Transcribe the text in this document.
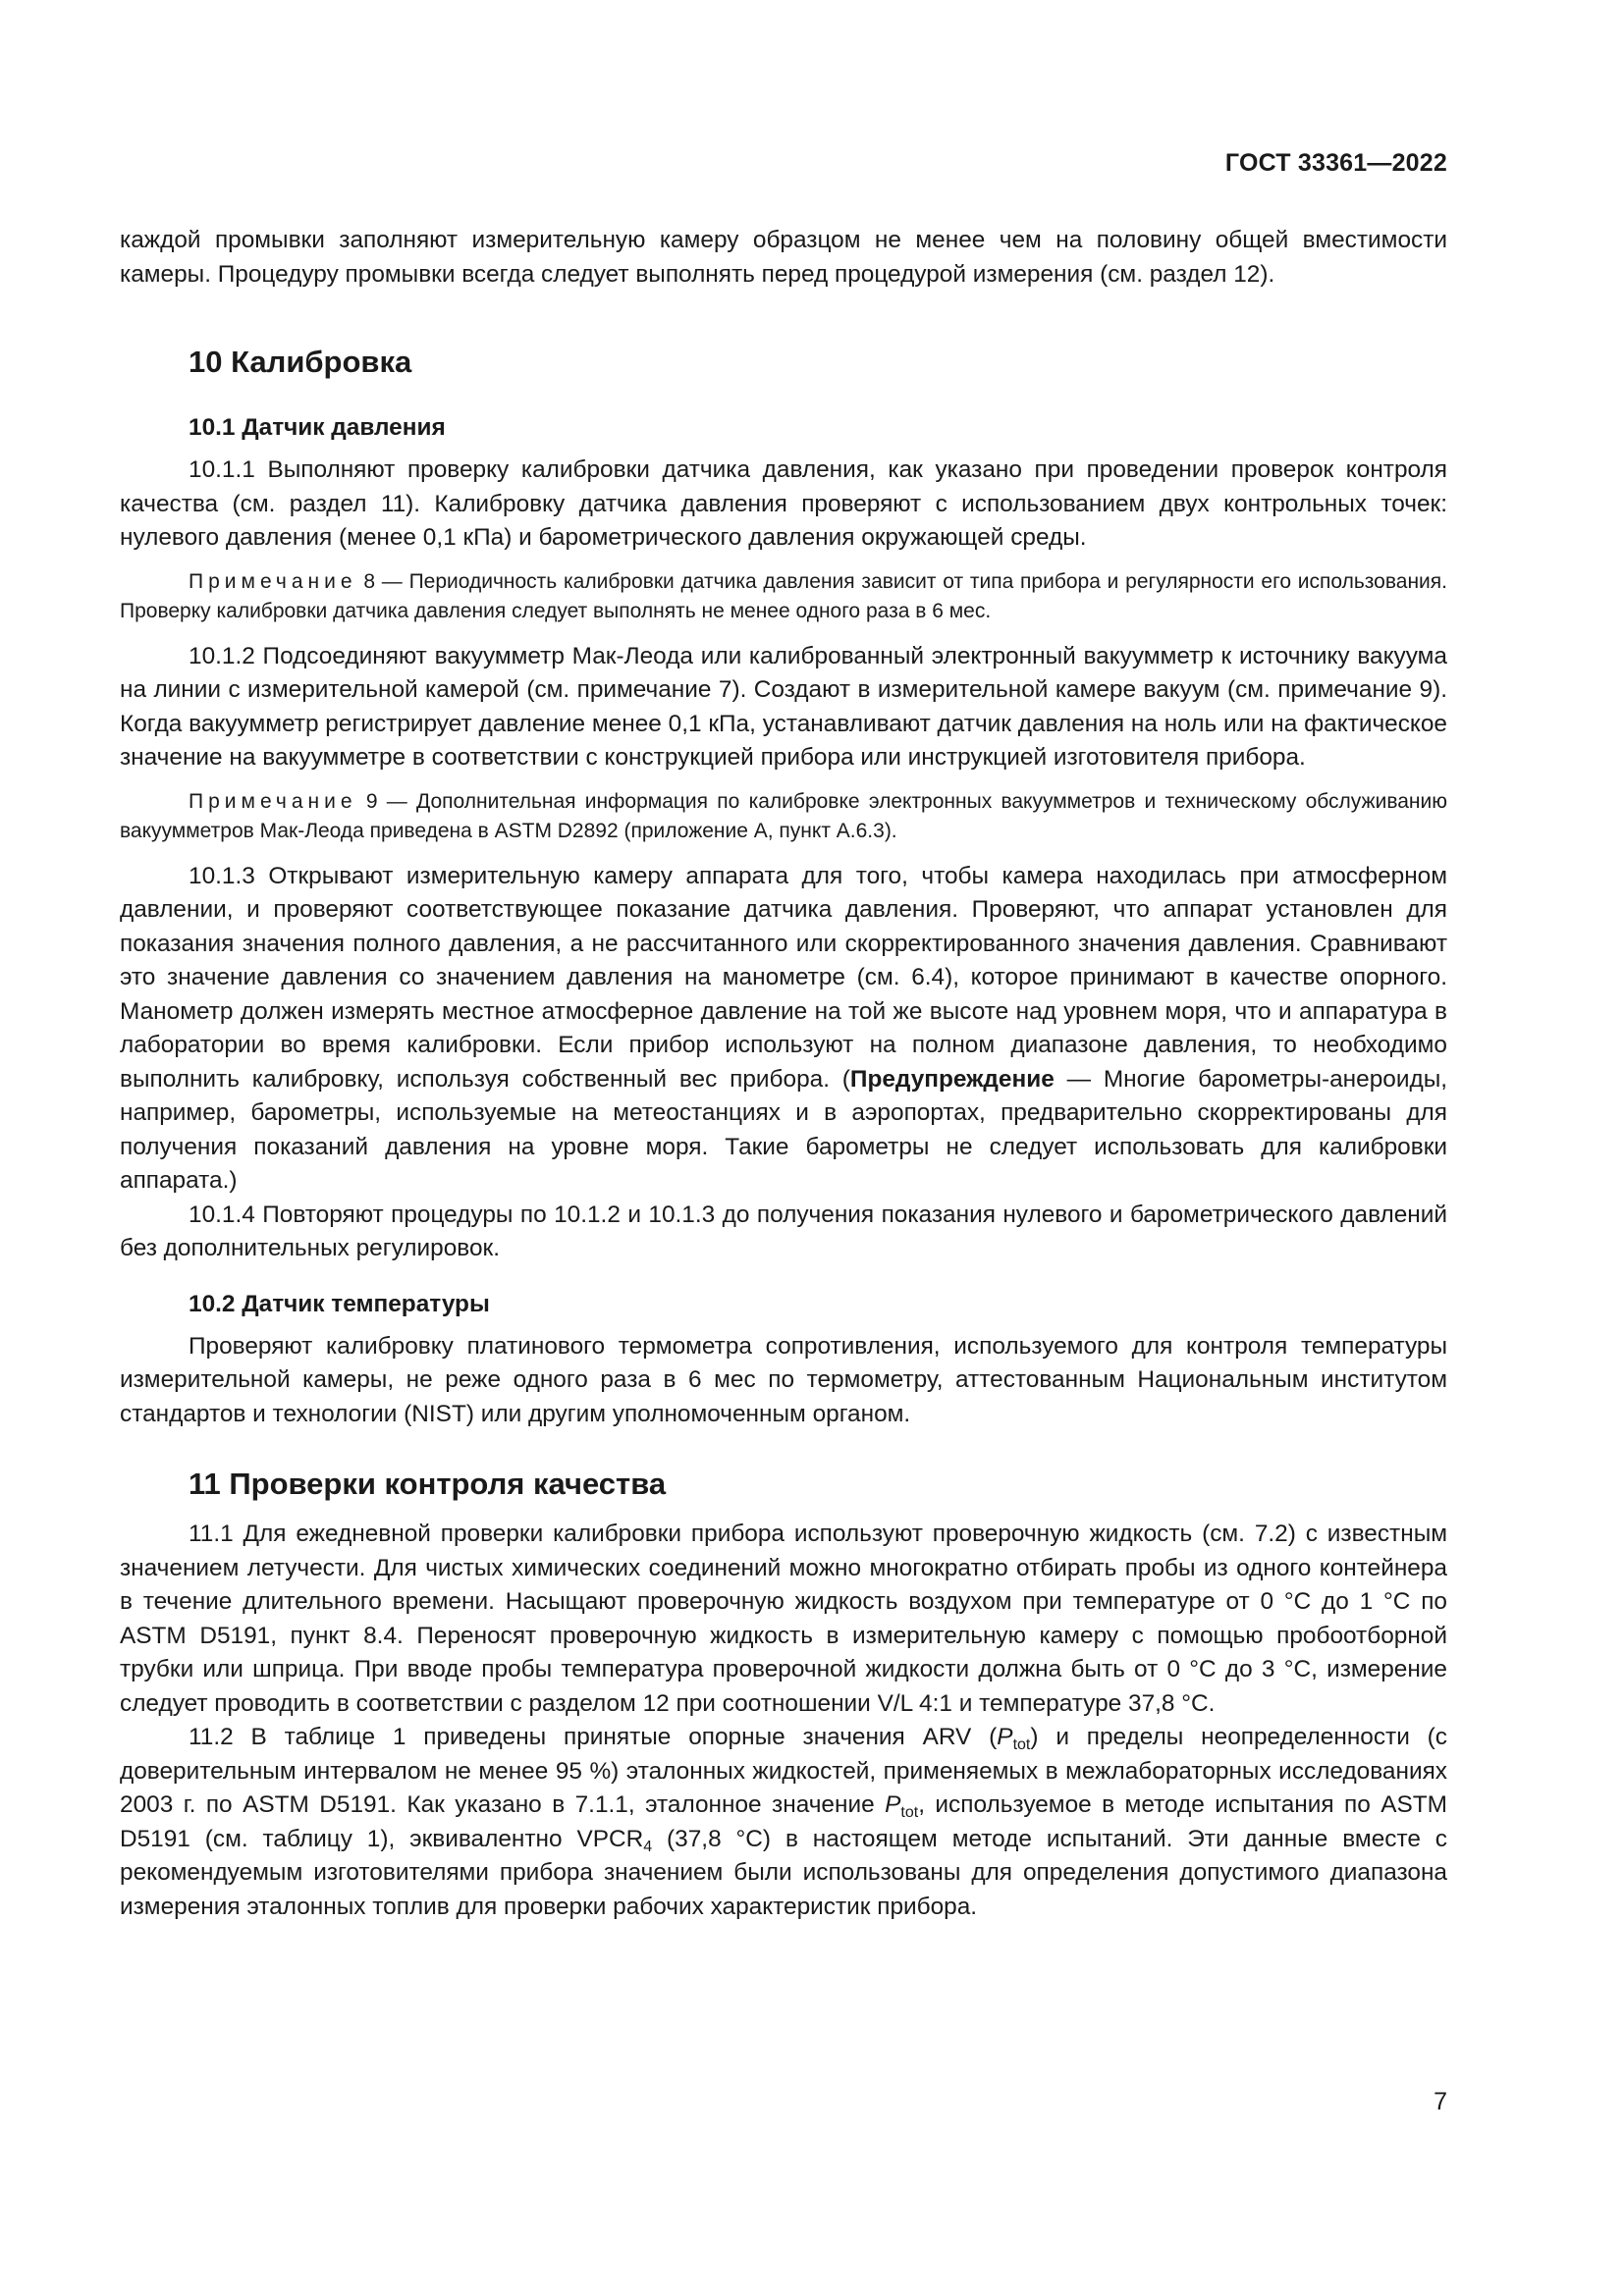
ГОСТ 33361—2022

каждой промывки заполняют измерительную камеру образцом не менее чем на половину общей вместимости камеры. Процедуру промывки всегда следует выполнять перед процедурой измерения (см. раздел 12).

10 Калибровка
10.1 Датчик давления

10.1.1 Выполняют проверку калибровки датчика давления, как указано при проведении проверок контроля качества (см. раздел 11). Калибровку датчика давления проверяют с использованием двух контрольных точек: нулевого давления (менее 0,1 кПа) и барометрического давления окружающей среды.

Примечание 8 — Периодичность калибровки датчика давления зависит от типа прибора и регулярности его использования. Проверку калибровки датчика давления следует выполнять не менее одного раза в 6 мес.

10.1.2 Подсоединяют вакуумметр Мак-Леода или калиброванный электронный вакуумметр к источнику вакуума на линии с измерительной камерой (см. примечание 7). Создают в измерительной камере вакуум (см. примечание 9). Когда вакуумметр регистрирует давление менее 0,1 кПа, устанавливают датчик давления на ноль или на фактическое значение на вакуумметре в соответствии с конструкцией прибора или инструкцией изготовителя прибора.

Примечание 9 — Дополнительная информация по калибровке электронных вакуумметров и техническому обслуживанию вакуумметров Мак-Леода приведена в ASTM D2892 (приложение А, пункт А.6.3).

10.1.3 Открывают измерительную камеру аппарата для того, чтобы камера находилась при атмосферном давлении, и проверяют соответствующее показание датчика давления. Проверяют, что аппарат установлен для показания значения полного давления, а не рассчитанного или скорректированного значения давления. Сравнивают это значение давления со значением давления на манометре (см. 6.4), которое принимают в качестве опорного. Манометр должен измерять местное атмосферное давление на той же высоте над уровнем моря, что и аппаратура в лаборатории во время калибровки. Если прибор используют на полном диапазоне давления, то необходимо выполнить калибровку, используя собственный вес прибора. (Предупреждение — Многие барометры-анероиды, например, барометры, используемые на метеостанциях и в аэропортах, предварительно скорректированы для получения показаний давления на уровне моря. Такие барометры не следует использовать для калибровки аппарата.)

10.1.4 Повторяют процедуры по 10.1.2 и 10.1.3 до получения показания нулевого и барометрического давлений без дополнительных регулировок.

10.2 Датчик температуры

Проверяют калибровку платинового термометра сопротивления, используемого для контроля температуры измерительной камеры, не реже одного раза в 6 мес по термометру, аттестованным Национальным институтом стандартов и технологии (NIST) или другим уполномоченным органом.

11 Проверки контроля качества

11.1 Для ежедневной проверки калибровки прибора используют проверочную жидкость (см. 7.2) с известным значением летучести. Для чистых химических соединений можно многократно отбирать пробы из одного контейнера в течение длительного времени. Насыщают проверочную жидкость воздухом при температуре от 0 °С до 1 °С по ASTM D5191, пункт 8.4. Переносят проверочную жидкость в измерительную камеру с помощью пробоотборной трубки или шприца. При вводе пробы температура проверочной жидкости должна быть от 0 °С до 3 °С, измерение следует проводить в соответствии с разделом 12 при соотношении V/L 4:1 и температуре 37,8 °С.

11.2 В таблице 1 приведены принятые опорные значения ARV $(P_{tot})$ и пределы неопределенности (с доверительным интервалом не менее 95 %) эталонных жидкостей, применяемых в межлабораторных исследованиях 2003 г. по ASTM D5191. Как указано в 7.1.1, эталонное значение $P_{tot}$, используемое в методе испытания по ASTM D5191 (см. таблицу 1), эквивалентно $VPCR_4$ (37,8 °С) в настоящем методе испытаний. Эти данные вместе с рекомендуемым изготовителями прибора значением были использованы для определения допустимого диапазона измерения эталонных топлив для проверки рабочих характеристик прибора.

7
